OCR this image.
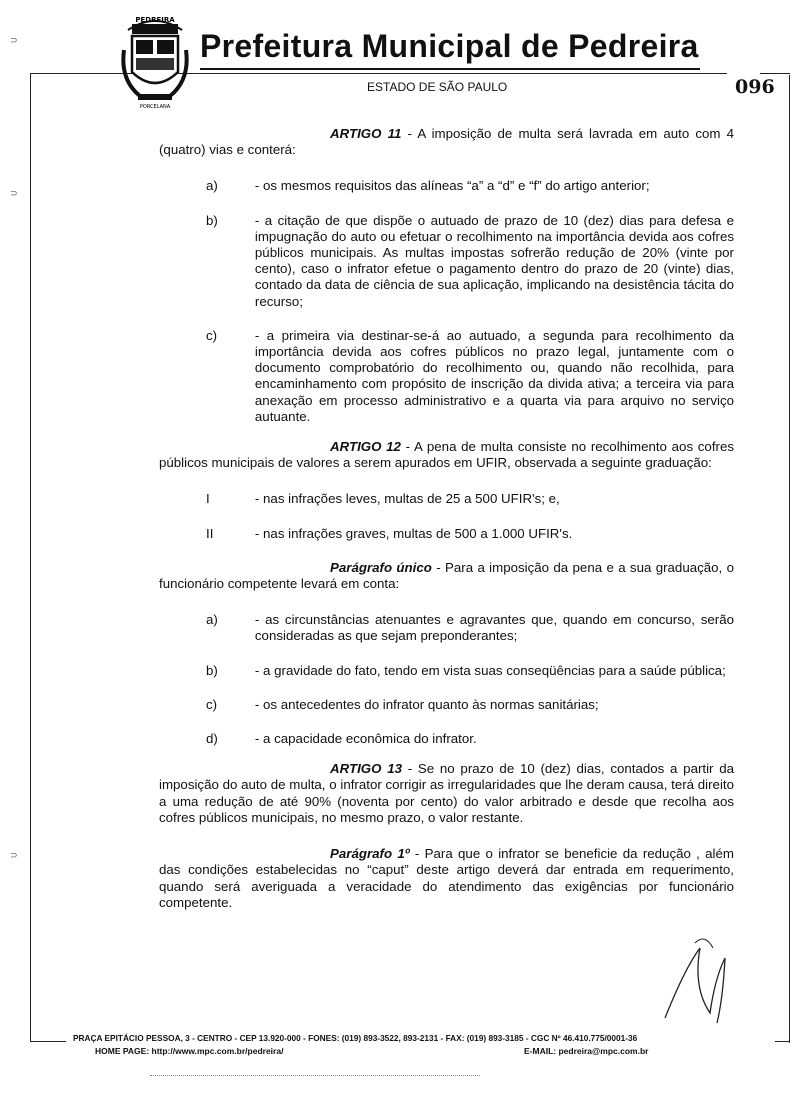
⊃
⊃
⊃
PEDREIRA
PORCELANA
Prefeitura Municipal de Pedreira
ESTADO DE SÃO PAULO	096

ARTIGO 11 - A imposição de multa será lavrada em auto com 4 (quatro) vias e conterá:

a)	- os mesmos requisitos das alíneas “a” a “d” e “f” do artigo anterior;
b)	- a citação de que dispõe o autuado de prazo de 10 (dez) dias para defesa e impugnação do auto ou efetuar o recolhimento na importância devida aos cofres públicos municipais. As multas impostas sofrerão redução de 20% (vinte por cento), caso o infrator efetue o pagamento dentro do prazo de 20 (vinte) dias, contado da data de ciência de sua aplicação, implicando na desistência tácita do recurso;
c)	- a primeira via destinar-se-á ao autuado, a segunda para recolhimento da importância devida aos cofres públicos no prazo legal, juntamente com o documento comprobatório do recolhimento ou, quando não recolhida, para encaminhamento com propósito de inscrição da divida ativa; a terceira via para anexação em processo administrativo e a quarta via para arquivo no serviço autuante.

ARTIGO 12 - A pena de multa consiste no recolhimento aos cofres públicos municipais de valores a serem apurados em UFIR, observada a seguinte graduação:

I	- nas infrações leves, multas de 25 a 500 UFIR's; e,
II	- nas infrações graves, multas de 500 a 1.000 UFIR's.

Parágrafo único - Para a imposição da pena e a sua graduação, o funcionário competente levará em conta:

a)	- as circunstâncias atenuantes e agravantes que, quando em concurso, serão consideradas as que sejam preponderantes;
b)	- a gravidade do fato, tendo em vista suas conseqüências para a saúde pública;
c)	- os antecedentes do infrator quanto às normas sanitárias;
d)	- a capacidade econômica do infrator.

ARTIGO 13 - Se no prazo de 10 (dez) dias, contados a partir da imposição do auto de multa, o infrator corrigir as irregularidades que lhe deram causa, terá direito a uma redução de até 90% (noventa por cento) do valor arbitrado e desde que recolha aos cofres públicos municipais, no mesmo prazo, o valor restante.

Parágrafo 1º - Para que o infrator se beneficie da redução , além das condições estabelecidas no “caput” deste artigo deverá dar entrada em requerimento, quando será averiguada a veracidade do atendimento das exigências por funcionário competente.

PRAÇA EPITÁCIO PESSOA, 3 - CENTRO - CEP 13.920-000 - FONES: (019) 893-3522, 893-2131 - FAX: (019) 893-3185 - CGC Nº 46.410.775/0001-36
HOME PAGE: http://www.mpc.com.br/pedreira/	E-MAIL: pedreira@mpc.com.br
